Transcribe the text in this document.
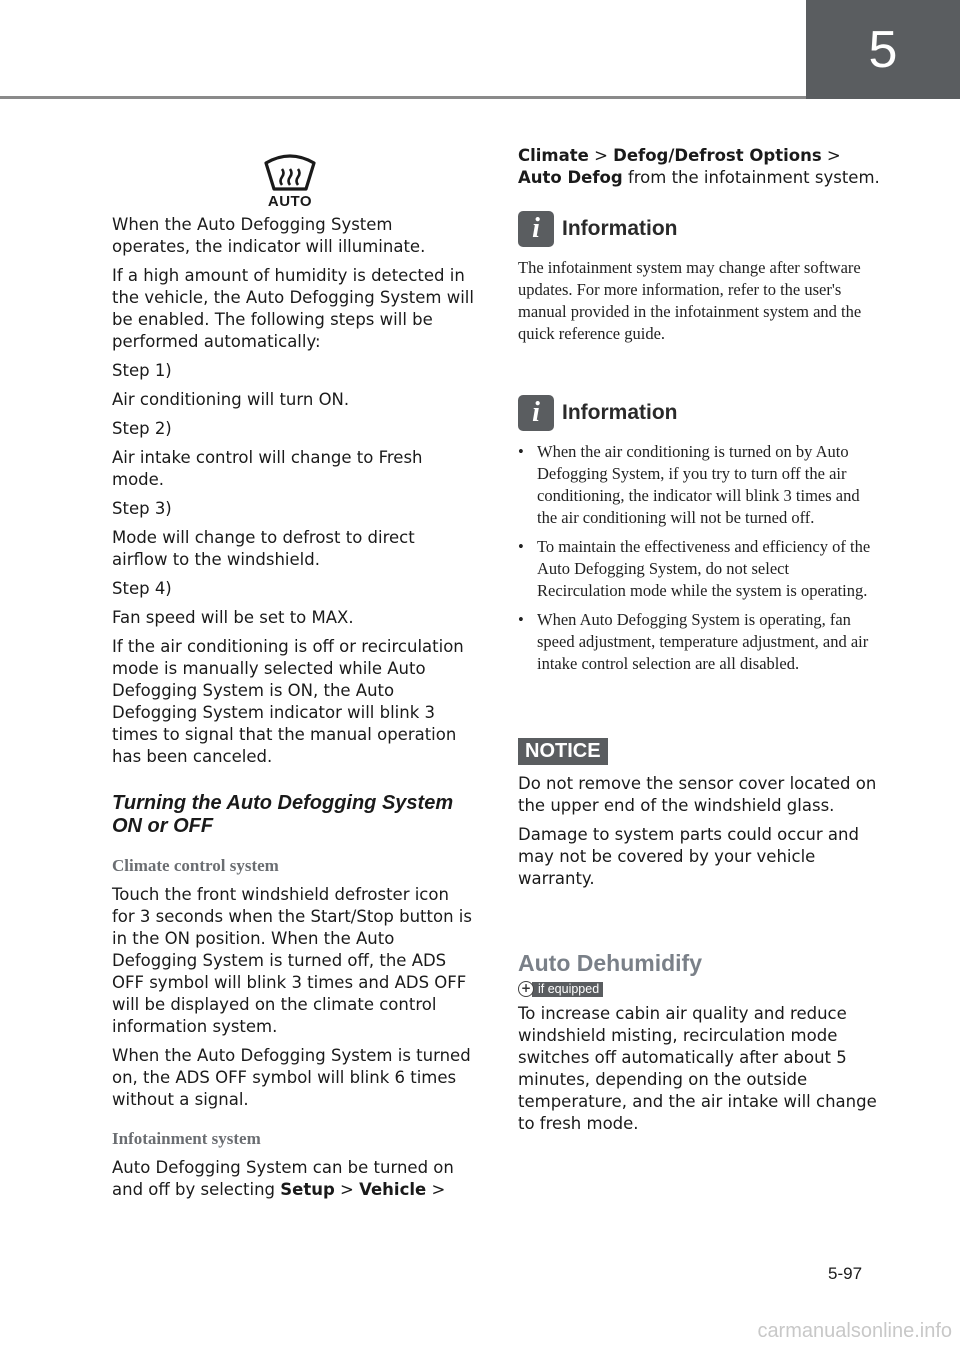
5
AUTO

When the Auto Defogging System operates, the indicator will illuminate.

If a high amount of humidity is detected in the vehicle, the Auto Defogging System will be enabled. The following steps will be performed automatically:

Step 1)

Air conditioning will turn ON.

Step 2)

Air intake control will change to Fresh mode.

Step 3)

Mode will change to defrost to direct airflow to the windshield.

Step 4)

Fan speed will be set to MAX.

If the air conditioning is off or recirculation mode is manually selected while Auto Defogging System is ON, the Auto Defogging System indicator will blink 3 times to signal that the manual operation has been canceled.

Turning the Auto Defogging System ON or OFF
Climate control system

Touch the front windshield defroster icon for 3 seconds when the Start/Stop button is in the ON position. When the Auto Defogging System is turned off, the ADS OFF symbol will blink 3 times and ADS OFF will be displayed on the climate control information system.

When the Auto Defogging System is turned on, the ADS OFF symbol will blink 6 times without a signal.

Infotainment system

Auto Defogging System can be turned on and off by selecting Setup > Vehicle >

Climate > Defog/Defrost Options > Auto Defog from the infotainment system.

i	Information

The infotainment system may change after software updates. For more information, refer to the user's manual provided in the infotainment system and the quick reference guide.

i	Information
• When the air conditioning is turned on by Auto Defogging System, if you try to turn off the air conditioning, the indicator will blink 3 times and the air conditioning will not be turned off.
• To maintain the effectiveness and efficiency of the Auto Defogging System, do not select Recirculation mode while the system is operating.
• When Auto Defogging System is operating, fan speed adjustment, temperature adjustment, and air intake control selection are all disabled.
NOTICE

Do not remove the sensor cover located on the upper end of the windshield glass.

Damage to system parts could occur and may not be covered by your vehicle warranty.

Auto Dehumidify
+ if equipped

To increase cabin air quality and reduce windshield misting, recirculation mode switches off automatically after about 5 minutes, depending on the outside temperature, and the air intake will change to fresh mode.

5-97
carmanualsonline.info
